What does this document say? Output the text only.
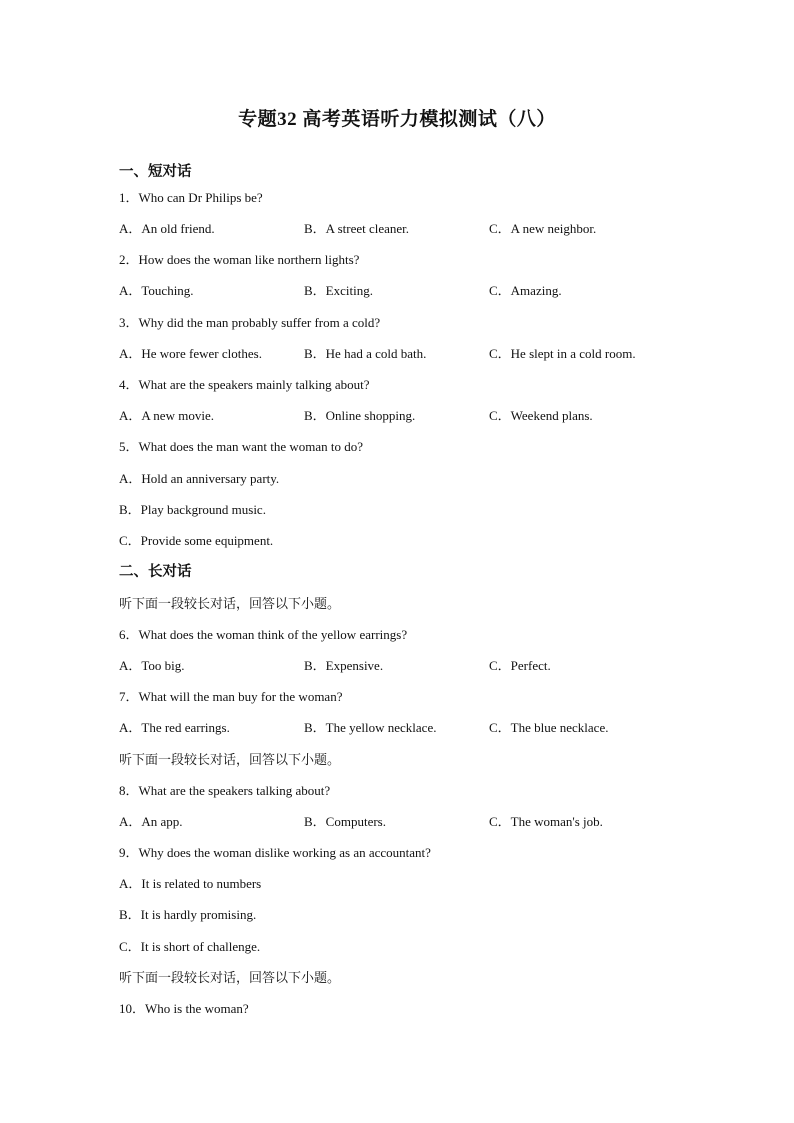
专题32 高考英语听力模拟测试（八）
一、短对话
1．Who can Dr Philips be?
A．An old friend.	B．A street cleaner.	C．A new neighbor.
2．How does the woman like northern lights?
A．Touching.	B．Exciting.	C．Amazing.
3．Why did the man probably suffer from a cold?
A．He wore fewer clothes.	B．He had a cold bath.	C．He slept in a cold room.
4．What are the speakers mainly talking about?
A．A new movie.	B．Online shopping.	C．Weekend plans.
5．What does the man want the woman to do?
A．Hold an anniversary party.
B．Play background music.
C．Provide some equipment.
二、长对话
听下面一段较长对话，回答以下小题。
6．What does the woman think of the yellow earrings?
A．Too big.	B．Expensive.	C．Perfect.
7．What will the man buy for the woman?
A．The red earrings.	B．The yellow necklace.	C．The blue necklace.
听下面一段较长对话，回答以下小题。
8．What are the speakers talking about?
A．An app.	B．Computers.	C．The woman's job.
9．Why does the woman dislike working as an accountant?
A．It is related to numbers
B．It is hardly promising.
C．It is short of challenge.
听下面一段较长对话，回答以下小题。
10．Who is the woman?
